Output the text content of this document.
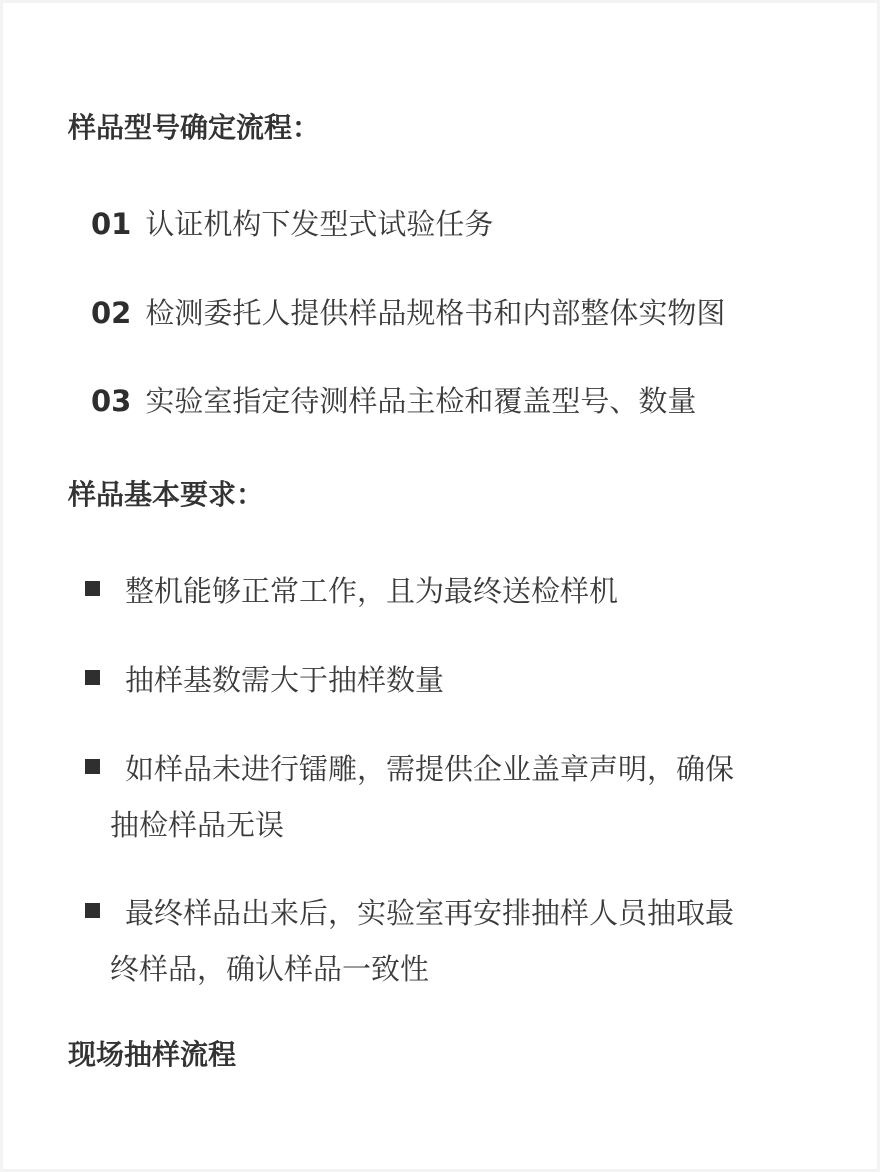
样品型号确定流程：
01 认证机构下发型式试验任务
02 检测委托人提供样品规格书和内部整体实物图
03 实验室指定待测样品主检和覆盖型号、数量
样品基本要求：
整机能够正常工作，且为最终送检样机
抽样基数需大于抽样数量
如样品未进行镭雕，需提供企业盖章声明，确保
抽检样品无误
最终样品出来后，实验室再安排抽样人员抽取最
终样品，确认样品一致性
现场抽样流程
